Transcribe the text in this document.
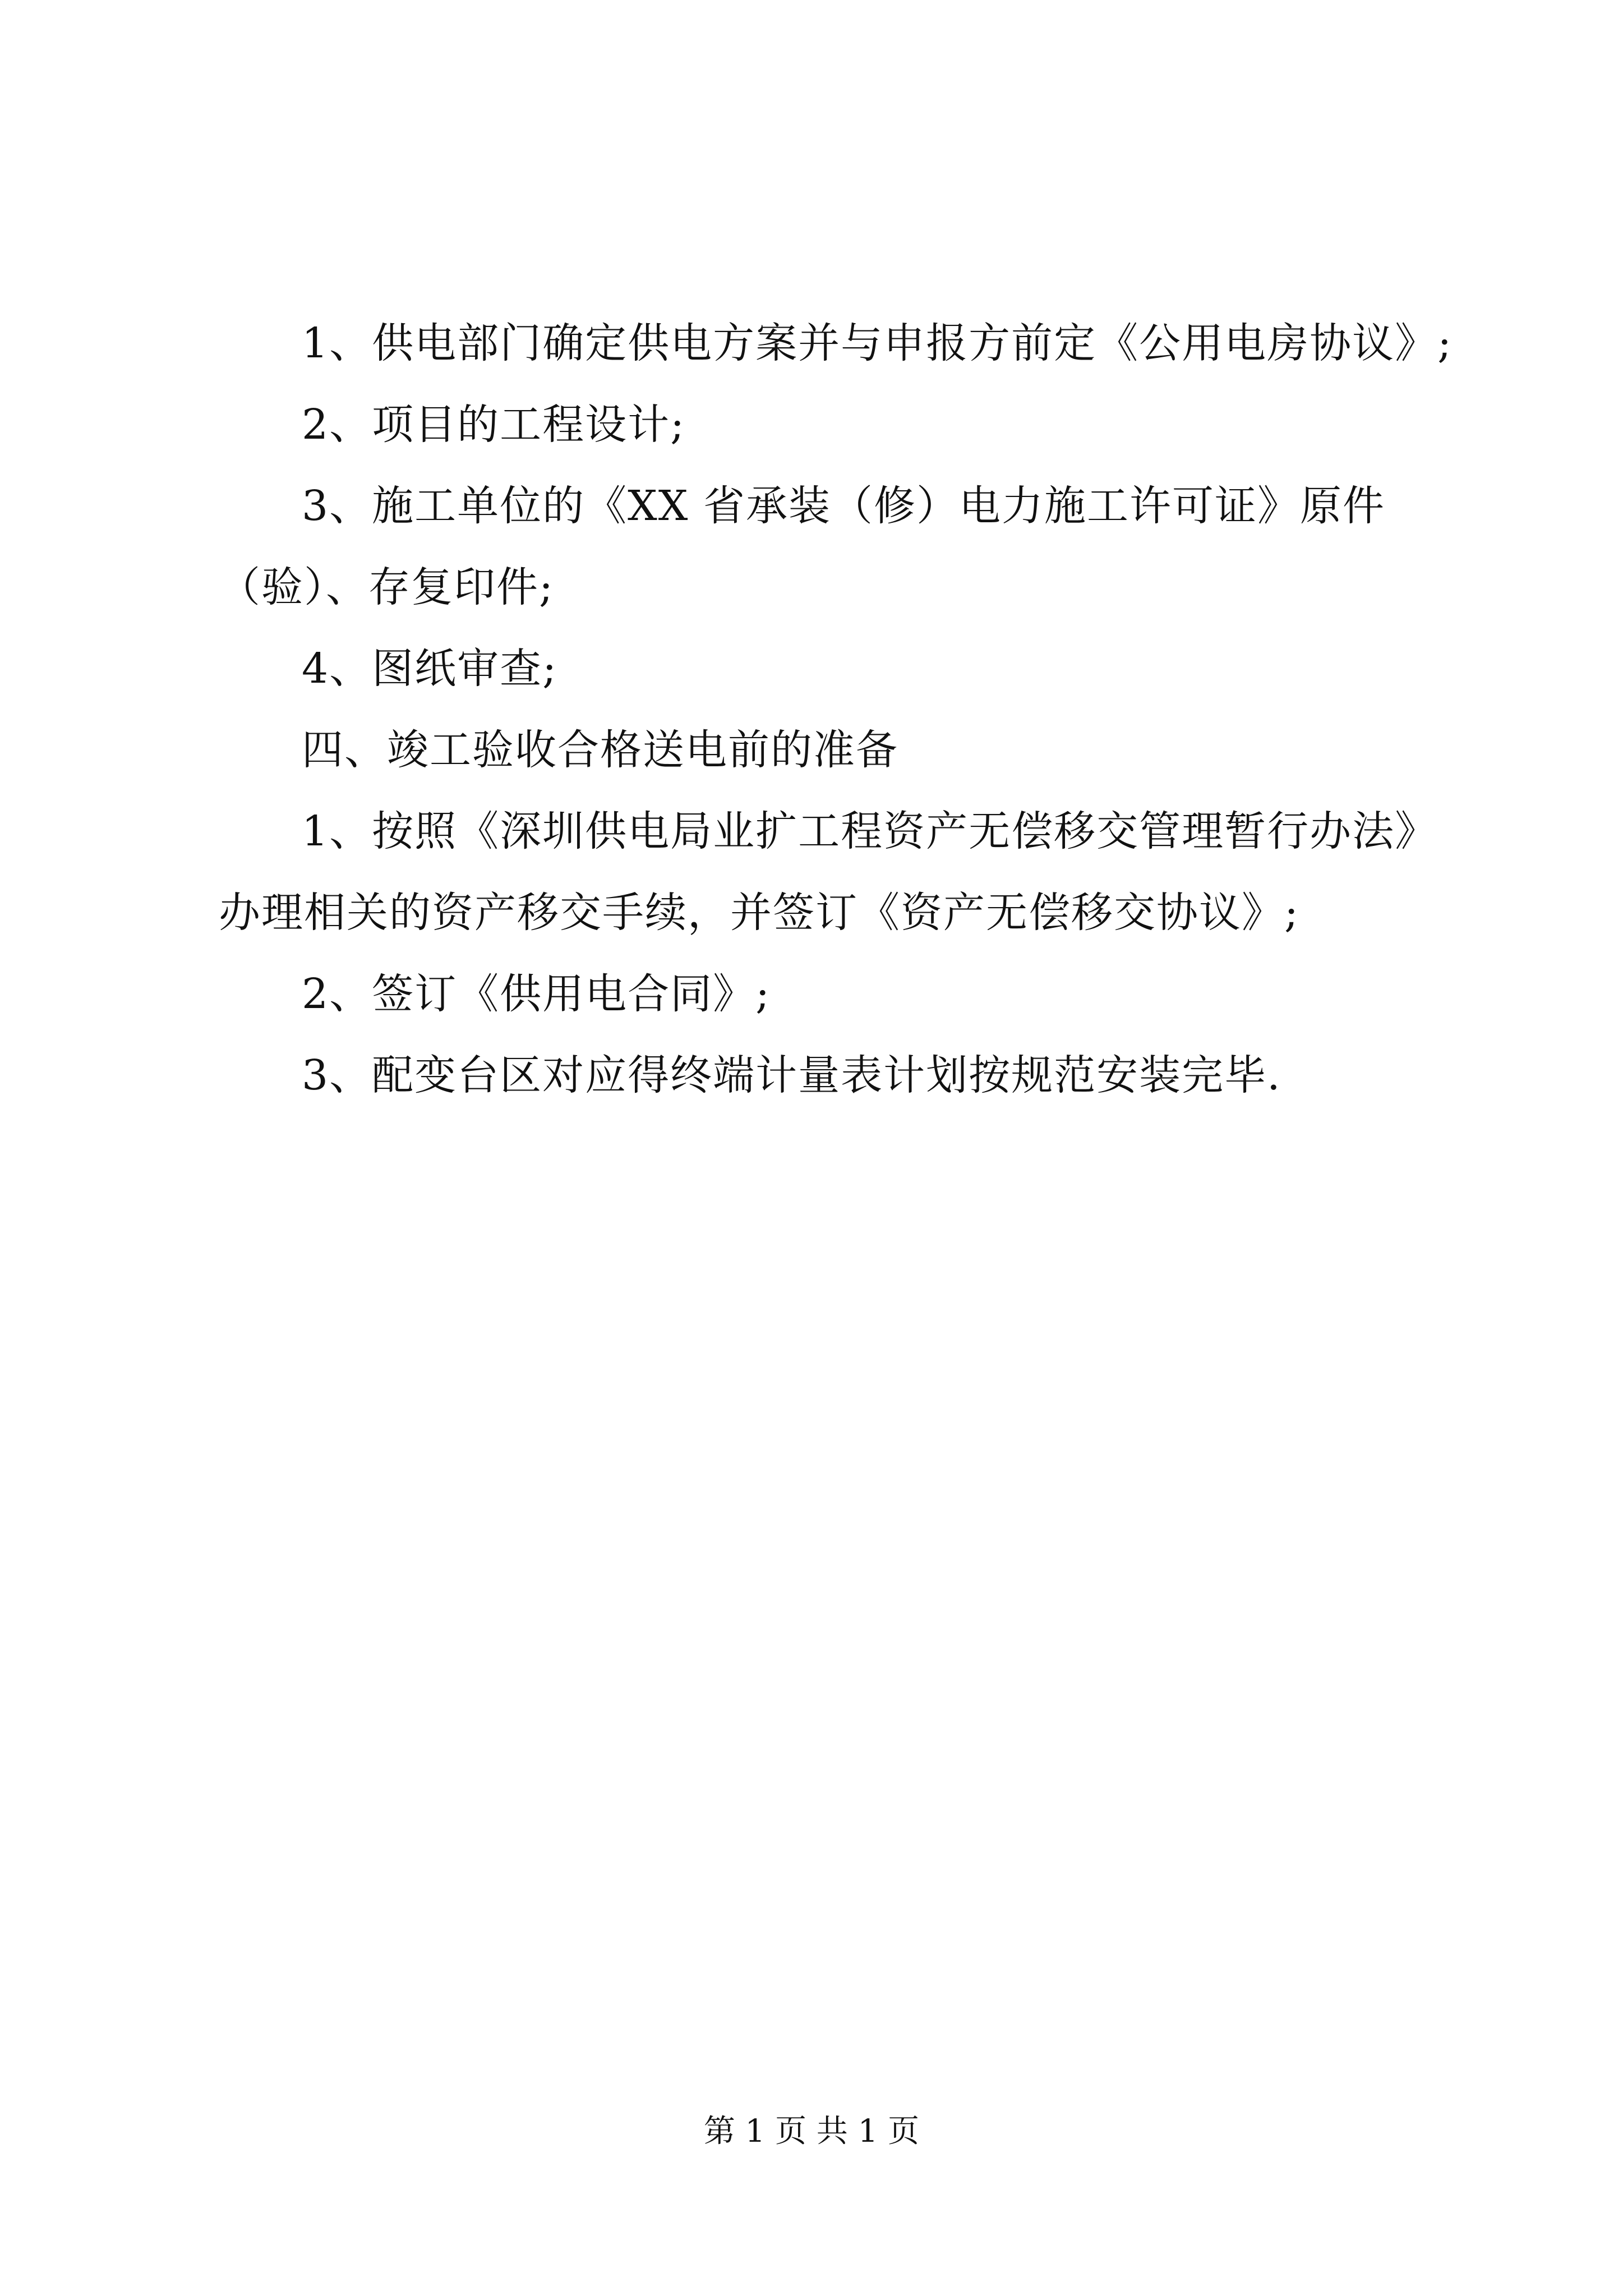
1、供电部门确定供电方案并与申报方前定《公用电房协议》;
2、项目的工程设计;
3、施工单位的《XX 省承装（修）电力施工许可证》原件
（验）、存复印件;
4、图纸审查;
四、竣工验收合格送电前的准备
1、按照《深圳供电局业扩工程资产无偿移交管理暂行办法》
办理相关的资产移交手续，并签订《资产无偿移交协议》;
2、签订《供用电合同》;
3、配变台区对应得终端计量表计划按规范安装完毕.
第 1 页 共 1 页
